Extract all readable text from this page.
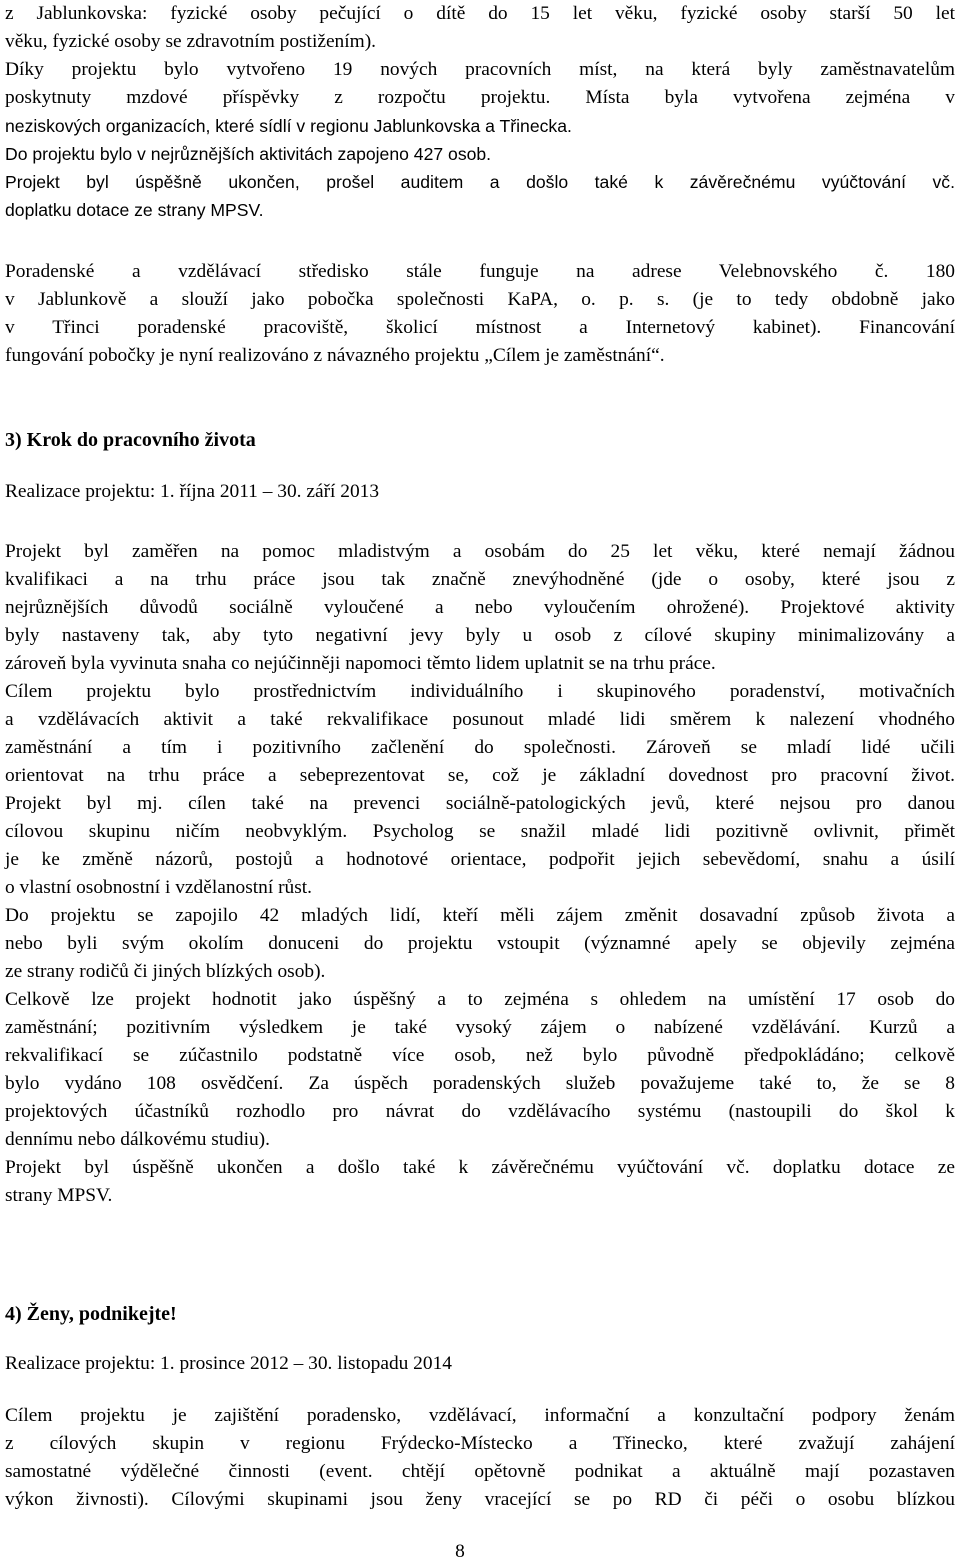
z Jablunkovska: fyzické osoby pečující o dítě do 15 let věku, fyzické osoby starší 50 let
věku, fyzické osoby se zdravotním postižením).
Díky projektu bylo vytvořeno 19 nových pracovních míst, na která byly zaměstnavatelům
poskytnuty mzdové příspěvky z rozpočtu projektu. Místa byla vytvořena zejména v
neziskových organizacích, které sídlí v regionu Jablunkovska a Třinecka.
Do projektu bylo v nejrůznějších aktivitách zapojeno 427 osob.
Projekt byl úspěšně ukončen, prošel auditem a došlo také k závěrečnému vyúčtování vč.
doplatku dotace ze strany MPSV.
Poradenské a vzdělávací středisko stále funguje na adrese Velebnovského č. 180
v Jablunkově a slouží jako pobočka společnosti KaPA, o. p. s. (je to tedy obdobně jako
v Třinci poradenské pracoviště, školicí místnost a Internetový kabinet). Financování
fungování pobočky je nyní realizováno z návazného projektu „Cílem je zaměstnání“.
3) Krok do pracovního života
Realizace projektu: 1. října 2011 – 30. září 2013
Projekt byl zaměřen na pomoc mladistvým a osobám do 25 let věku, které nemají žádnou
kvalifikaci a na trhu práce jsou tak značně znevýhodněné (jde o osoby, které jsou z
nejrůznějších důvodů sociálně vyloučené a nebo vyloučením ohrožené). Projektové aktivity
byly nastaveny tak, aby tyto negativní jevy byly u osob z cílové skupiny minimalizovány a
zároveň byla vyvinuta snaha co nejúčinněji napomoci těmto lidem uplatnit se na trhu práce.
Cílem projektu bylo prostřednictvím individuálního i skupinového poradenství, motivačních
a vzdělávacích aktivit a také rekvalifikace posunout mladé lidi směrem k nalezení vhodného
zaměstnání a tím i pozitivního začlenění do společnosti. Zároveň se mladí lidé učili
orientovat na trhu práce a sebeprezentovat se, což je základní dovednost pro pracovní život.
Projekt byl mj. cílen také na prevenci sociálně-patologických jevů, které nejsou pro danou
cílovou skupinu ničím neobvyklým. Psycholog se snažil mladé lidi pozitivně ovlivnit, přimět
je ke změně názorů, postojů a hodnotové orientace, podpořit jejich sebevědomí, snahu a úsilí
o vlastní osobnostní i vzdělanostní růst.
Do projektu se zapojilo 42 mladých lidí, kteří měli zájem změnit dosavadní způsob života a
nebo byli svým okolím donuceni do projektu vstoupit (významné apely se objevily zejména
ze strany rodičů či jiných blízkých osob).
Celkově lze projekt hodnotit jako úspěšný a to zejména s ohledem na umístění 17 osob do
zaměstnání; pozitivním výsledkem je také vysoký zájem o nabízené vzdělávání. Kurzů a
rekvalifikací se zúčastnilo podstatně více osob, než bylo původně předpokládáno; celkově
bylo vydáno 108 osvědčení. Za úspěch poradenských služeb považujeme také to, že se 8
projektových účastníků rozhodlo pro návrat do vzdělávacího systému (nastoupili do škol k
dennímu nebo dálkovému studiu).
Projekt byl úspěšně ukončen a došlo také k závěrečnému vyúčtování vč. doplatku dotace ze
strany MPSV.
4) Ženy, podnikejte!
Realizace projektu: 1. prosince 2012 – 30. listopadu 2014
Cílem projektu je zajištění poradensko, vzdělávací, informační a konzultační podpory ženám
z cílových skupin v regionu Frýdecko-Místecko a Třinecko, které zvažují zahájení
samostatné výdělečné činnosti (event. chtějí opětovně podnikat a aktuálně mají pozastaven
výkon živnosti). Cílovými skupinami jsou ženy vracející se po RD či péči o osobu blízkou
8
